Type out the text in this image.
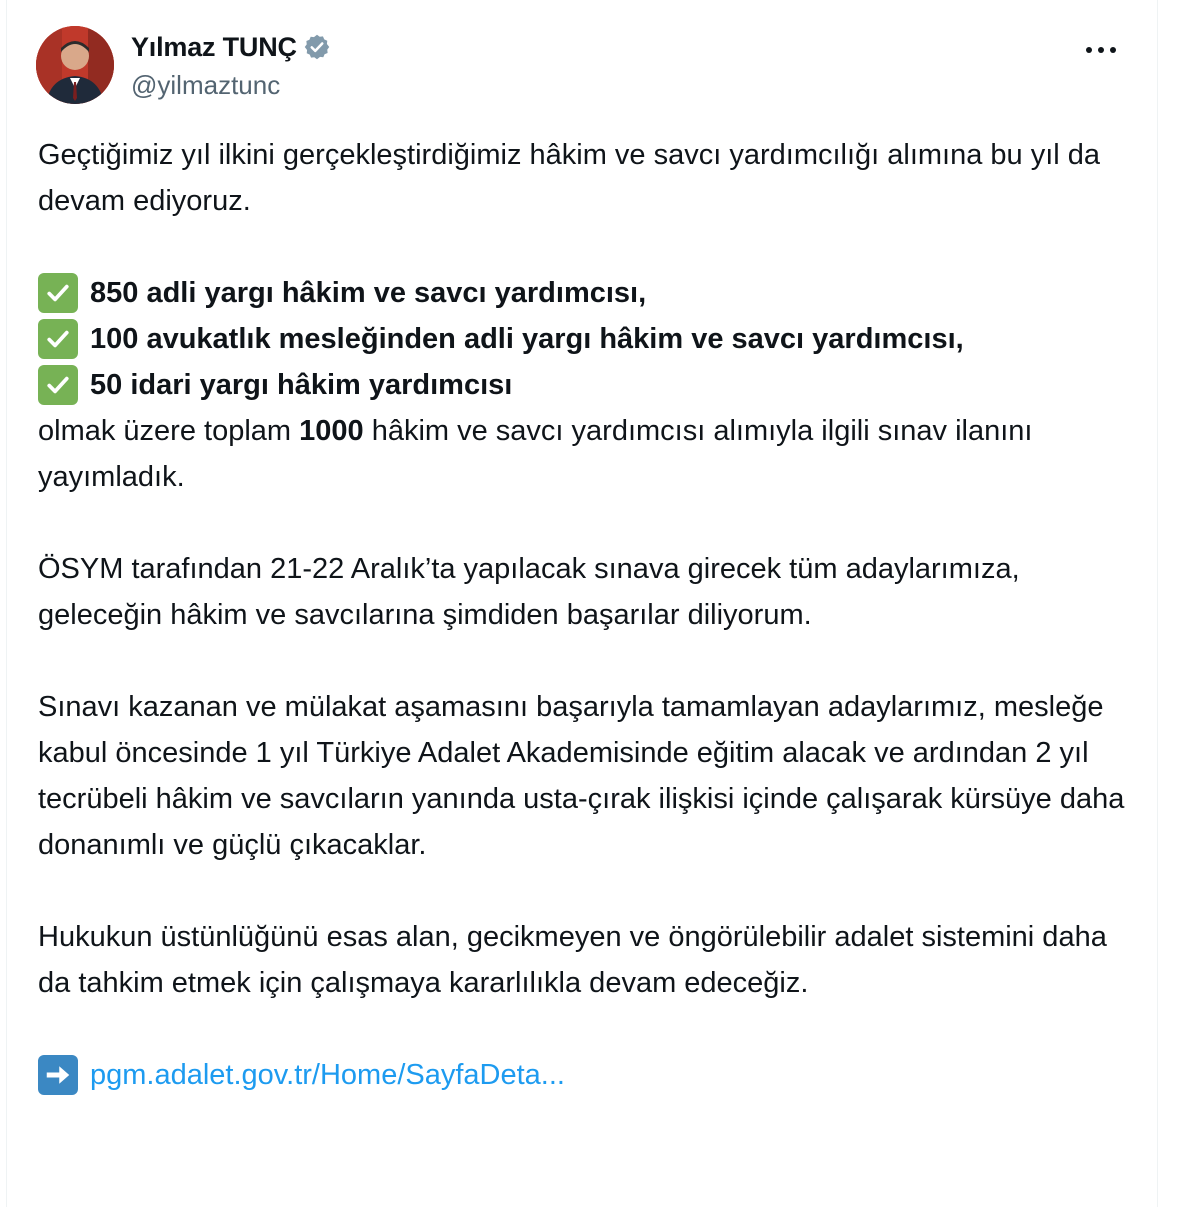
Yılmaz TUNÇ
@yilmaztunc
Geçtiğimiz yıl ilkini gerçekleştirdiğimiz hâkim ve savcı yardımcılığı alımına bu yıl da devam ediyoruz.
850 adli yargı hâkim ve savcı yardımcısı,
100 avukatlık mesleğinden adli yargı hâkim ve savcı yardımcısı,
50 idari yargı hâkim yardımcısı
olmak üzere toplam 1000 hâkim ve savcı yardımcısı alımıyla ilgili sınav ilanını yayımladık.
ÖSYM tarafından 21-22 Aralık’ta yapılacak sınava girecek tüm adaylarımıza, geleceğin hâkim ve savcılarına şimdiden başarılar diliyorum.
Sınavı kazanan ve mülakat aşamasını başarıyla tamamlayan adaylarımız, mesleğe kabul öncesinde 1 yıl Türkiye Adalet Akademisinde eğitim alacak ve ardından 2 yıl tecrübeli hâkim ve savcıların yanında usta-çırak ilişkisi içinde çalışarak kürsüye daha donanımlı ve güçlü çıkacaklar.
Hukukun üstünlüğünü esas alan, gecikmeyen ve öngörülebilir adalet sistemini daha da tahkim etmek için çalışmaya kararlılıkla devam edeceğiz.
pgm.adalet.gov.tr/Home/SayfaDeta...
